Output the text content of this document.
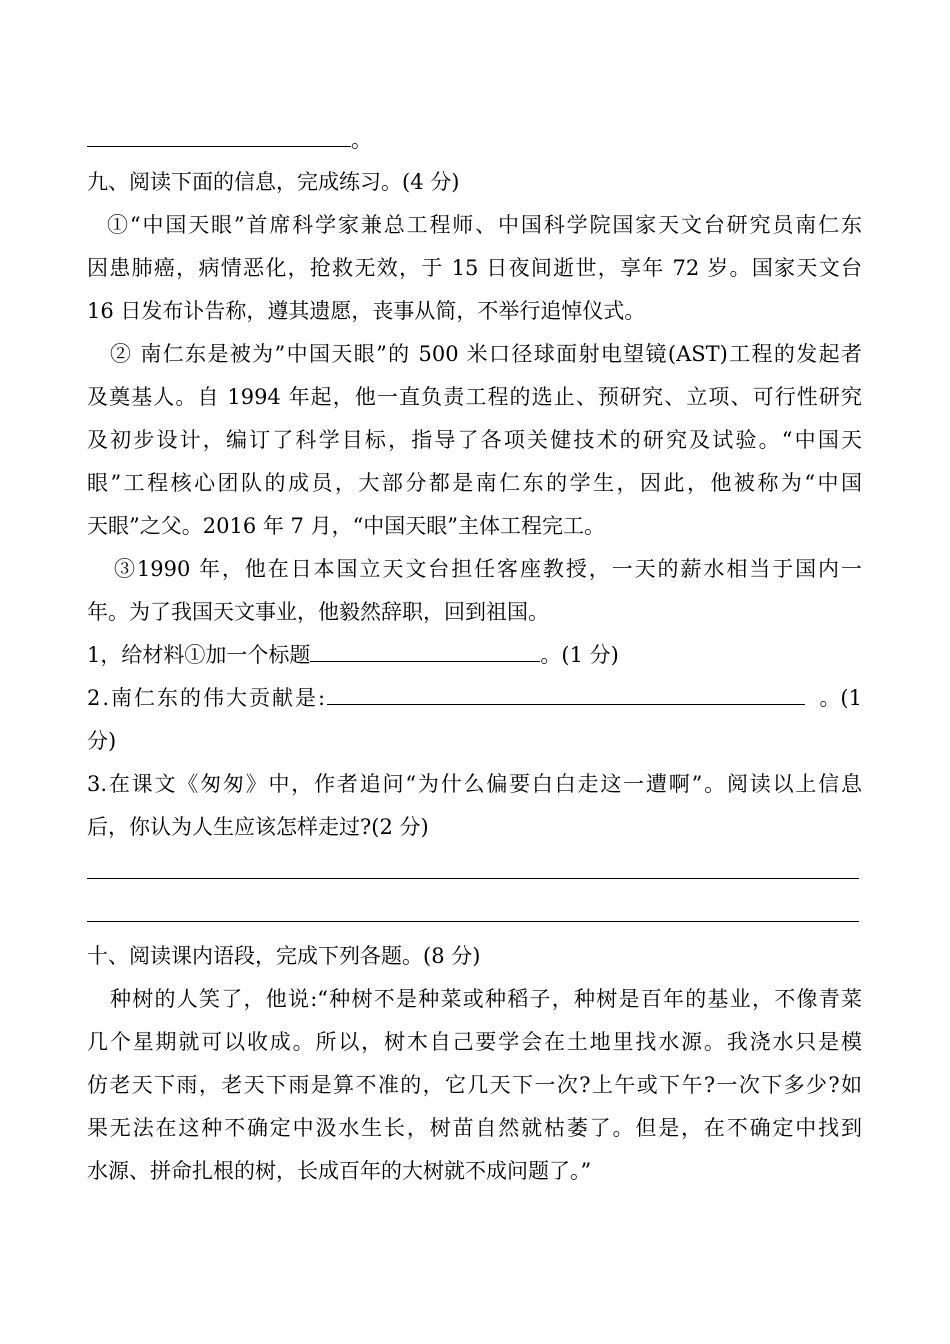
。
九、阅读下面的信息，完成练习。(4 分)
①“中国天眼”首席科学家兼总工程师、中国科学院国家天文台研究员南仁东
因患肺癌，病情恶化，抢救无效，于 15 日夜间逝世，享年 72 岁。国家天文台
16 日发布讣告称，遵其遗愿，丧事从简，不举行追悼仪式。
② 南仁东是被为”中国天眼”的 500 米口径球面射电望镜(AST)工程的发起者
及奠基人。自 1994 年起，他一直负责工程的选止、预研究、立项、可行性研究
及初步设计，编订了科学目标，指导了各项关健技术的研究及试验。“中国天
眼”工程核心团队的成员，大部分都是南仁东的学生，因此，他被称为“中国
天眼”之父。2016 年 7 月，“中国天眼”主体工程完工。
③1990 年，他在日本国立天文台担任客座教授，一天的薪水相当于国内一
年。为了我国天文事业，他毅然辞职，回到祖国。
1，给材料①加一个标题	。(1 分)
2.南仁东的伟大贡献是:	。(1
分)
3.在课文《匆匆》中，作者追问“为什么偏要白白走这一遭啊”。阅读以上信息
后，你认为人生应该怎样走过?(2 分)
十、阅读课内语段，完成下列各题。(8 分)
种树的人笑了，他说:“种树不是种菜或种稻子，种树是百年的基业，不像青菜
几个星期就可以收成。所以，树木自己要学会在土地里找水源。我浇水只是模
仿老天下雨，老天下雨是算不准的，它几天下一次?上午或下午?一次下多少?如
果无法在这种不确定中汲水生长，树苗自然就枯萎了。但是，在不确定中找到
水源、拼命扎根的树，长成百年的大树就不成问题了。”
